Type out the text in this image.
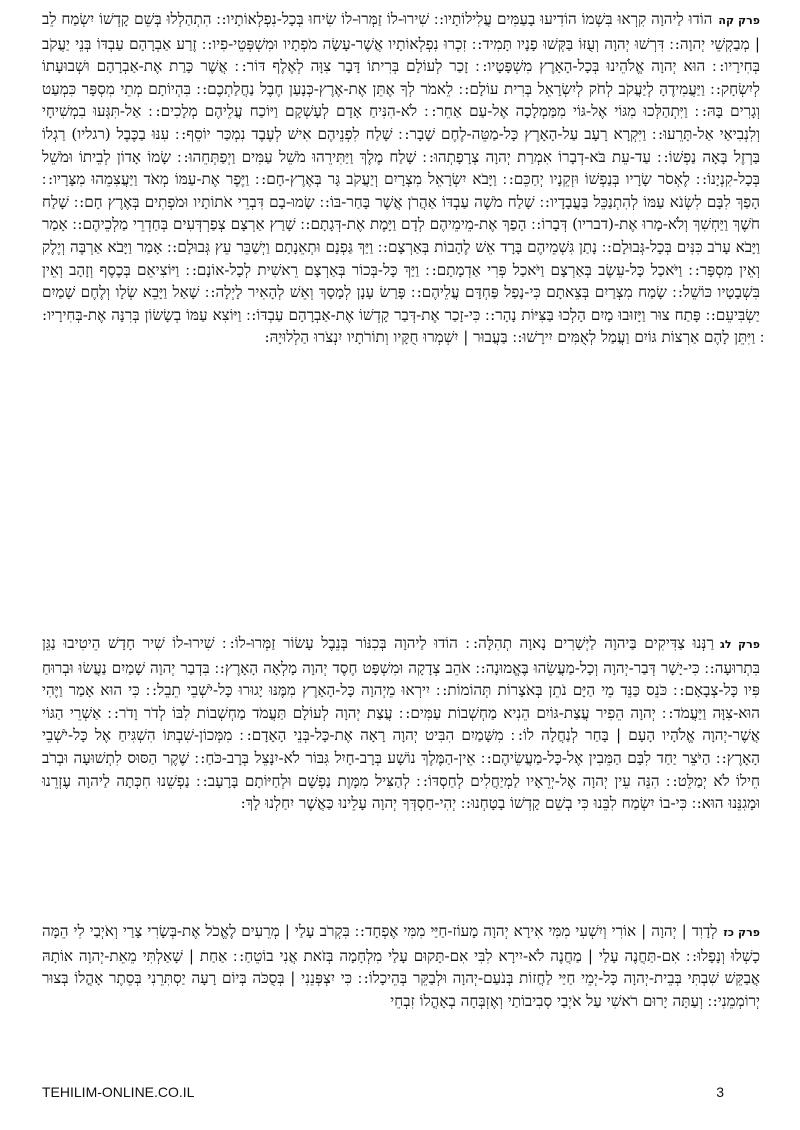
פרק קההוֹדוּ לַיהוָה קִרְאוּ בִּשְׁמוֹ הוֹדִיעוּ בָעַמִּים עֲלִילוֹתָיו: ׃ שִׁירוּ-לוֹ זַמְּרוּ-לוֹ שִׂיחוּ בְּכָל-נִפְלְאוֹתָיו: ׃ הִתְהַלְלוּ בְּשֵׁם קָדְשׁוֹ יִשְׂמַח לֵב | מְבַקְשֵׁי יְהוָה: ׃ דִּרְשׁוּ יְהוָה וְעֻזּוֹ בַּקְּשׁוּ פָנָיו תָּמִיד: ׃ זִכְרוּ נִפְלְאוֹתָיו אֲשֶׁר-עָשָׂה מֹפְתָיו וּמִשְׁפְּטֵי-פִיו: ׃ זֶרַע אַבְרָהָם עַבְדּוֹ בְּנֵי יַעֲקֹב בְּחִירָיו: ׃ הוּא יְהוָה אֱלֹהֵינוּ בְּכָל-הָאָרֶץ מִשְׁפָּטָיו: ׃ זָכַר לְעוֹלָם בְּרִיתוֹ דָּבָר צִוָּה לְאֶלֶף דּוֹר: ׃ אֲשֶׁר כָּרַת אֶת-אַבְרָהָם וּשְׁבוּעָתוֹ לְיִשְׂחָק: ׃ וַיַּעֲמִידֶהָ לְיַעֲקֹב לְחֹק לְיִשְׂרָאֵל בְּרִית עוֹלָם: ׃ לֵאמֹר לְךָ אֶתֵּן אֶת-אֶרֶץ-כְּנָעַן חֶבֶל נַחֲלַתְכֶם: ׃ בִּהְיוֹתָם מְתֵי מִסְפָּר כִּמְעַט וְגָרִים בָּהּ: ׃ וַיִּתְהַלְּכוּ מִגּוֹי אֶל-גּוֹי מִמַּמְלָכָה אֶל-עַם אַחֵר: ׃ לֹא-הִנִּיחַ אָדָם לְעָשְׁקָם וַיּוֹכַח עֲלֵיהֶם מְלָכִים: ׃ אַל-תִּגְּעוּ בִמְשִׁיחָי וְלִנְבִיאַי אַל-תָּרֵעוּ: ׃ וַיִּקְרָא רָעָב עַל-הָאָרֶץ כָּל-מַטֵּה-לֶחֶם שָׁבָר: ׃ שָׁלַח לִפְנֵיהֶם אִישׁ לְעֶבֶד נִמְכַּר יוֹסֵף: ׃ עִנּוּ בַכֶּבֶל (רגליו) רַגְלוֹ בַּרְזֶל בָּאָה נַפְשׁוֹ: ׃ עַד-עֵת בֹּא-דְבָרוֹ אִמְרַת יְהוָה צְרָפָתְהוּ: ׃ שָׁלַח מֶלֶךְ וַיַּתִּירֵהוּ מֹשֵׁל עַמִּים וַיְפַתְּחֵהוּ: ׃ שָׂמוֹ אָדוֹן לְבֵיתוֹ וּמֹשֵׁל בְּכָל-קִנְיָנוֹ: ׃ לֶאְסֹר שָׂרָיו בְּנַפְשׁוֹ וּזְקֵנָיו יְחַכֵּם: ׃ וַיָּבֹא יִשְׂרָאֵל מִצְרָיִם וְיַעֲקֹב גָּר בְּאֶרֶץ-חָם: ׃ וַיֶּפֶר אֶת-עַמּוֹ מְאֹד וַיַּעֲצִמֵהוּ מִצָּרָיו: ׃ הָפַךְ לִבָּם לִשְׂנֹא עַמּוֹ לְהִתְנַכֵּל בַּעֲבָדָיו: ׃ שָׁלַח מֹשֶׁה עַבְדּוֹ אַהֲרֹן אֲשֶׁר בָּחַר-בּוֹ: ׃ שָׂמוּ-בָם דִּבְרֵי אֹתוֹתָיו וּמֹפְתִים בְּאֶרֶץ חָם: ׃ שָׁלַח חֹשֶׁךְ וַיַּחְשִׁךְ וְלֹא-מָרוּ אֶת-(דבריו) דְּבָרוֹ: ׃ הָפַךְ אֶת-מֵימֵיהֶם לְדָם וַיָּמֶת אֶת-דְּגָתָם: ׃ שָׁרַץ אַרְצָם צְפַרְדְּעִים בְּחַדְרֵי מַלְכֵיהֶם: ׃ אָמַר וַיָּבֹא עָרֹב כִּנִּים בְּכָל-גְּבוּלָם: ׃ נָתַן גִּשְׁמֵיהֶם בָּרָד אֵשׁ לֶהָבוֹת בְּאַרְצָם: ׃ וַיַּךְ גַּפְנָם וּתְאֵנָתָם וַיְשַׁבֵּר עֵץ גְּבוּלָם: ׃ אָמַר וַיָּבֹא אַרְבֶּה וְיֶלֶק וְאֵין מִסְפָּר: ׃ וַיֹּאכַל כָּל-עֵשֶׂב בְּאַרְצָם וַיֹּאכַל פְּרִי אַדְמָתָם: ׃ וַיַּךְ כָּל-בְּכוֹר בְּאַרְצָם רֵאשִׁית לְכָל-אוֹנָם: ׃ וַיּוֹצִיאֵם בְּכֶסֶף וְזָהָב וְאֵין בִּשְׁבָטָיו כּוֹשֵׁל: ׃ שָׂמַח מִצְרַיִם בְּצֵאתָם כִּי-נָפַל פַּחְדָּם עֲלֵיהֶם: ׃ פָּרַשׂ עָנָן לְמָסָךְ וְאֵשׁ לְהָאִיר לָיְלָה: ׃ שָׁאַל וַיָּבֵא שְׂלָו וְלֶחֶם שָׁמַיִם יַשְׂבִּיעֵם: ׃ פָּתַח צוּר וַיָּזוּבוּ מָיִם הָלְכוּ בַּצִּיּוֹת נָהָר: ׃ כִּי-זָכַר אֶת-דְּבַר קָדְשׁוֹ אֶת-אַבְרָהָם עַבְדּוֹ: ׃ וַיּוֹצִא עַמּוֹ בְשָׂשׂוֹן בְּרִנָּה אֶת-בְּחִירָיו: ׃ וַיִּתֵּן לָהֶם אַרְצוֹת גּוֹיִם וַעֲמַל לְאֻמִּים יִירָשׁוּ: ׃ בַּעֲבוּר | יִשְׁמְרוּ חֻקָּיו וְתוֹרֹתָיו יִנְצֹרוּ הַלְלוּיָהּ:
פרק לגרַנְּנוּ צַדִּיקִים בַּיהוָה לַיְשָׁרִים נָאוָה תְהִלָּה: ׃ הוֹדוּ לַיהוָה בְּכִנּוֹר בְּנֵבֶל עָשׂוֹר זַמְּרוּ-לוֹ: ׃ שִׁירוּ-לוֹ שִׁיר חָדָשׁ הֵיטִיבוּ נַגֵּן בִּתְרוּעָה: ׃ כִּי-יָשָׁר דְּבַר-יְהוָה וְכָל-מַעֲשֵׂהוּ בֶּאֱמוּנָה: ׃ אֹהֵב צְדָקָה וּמִשְׁפָּט חֶסֶד יְהוָה מָלְאָה הָאָרֶץ: ׃ בִּדְבַר יְהוָה שָׁמַיִם נַעֲשׂוּ וּבְרוּחַ פִּיו כָּל-צְבָאָם: ׃ כֹּנֵס כַּנֵּד מֵי הַיָּם נֹתֵן בְּאֹצָרוֹת תְּהוֹמוֹת: ׃ יִירְאוּ מֵיְהוָה כָּל-הָאָרֶץ מִמֶּנּוּ יָגוּרוּ כָּל-יֹשְׁבֵי תֵבֵל: ׃ כִּי הוּא אָמַר וַיֶּהִי הוּא-צִוָּה וַיַּעֲמֹד: ׃ יְהוָה הֵפִיר עֲצַת-גּוֹיִם הֵנִיא מַחְשְׁבוֹת עַמִּים: ׃ עֲצַת יְהוָה לְעוֹלָם תַּעֲמֹד מַחְשְׁבוֹת לִבּוֹ לְדֹר וָדֹר: ׃ אַשְׁרֵי הַגּוֹי אֲשֶׁר-יְהוָה אֱלֹהָיו הָעָם | בָּחַר לְנַחֲלָה לוֹ: ׃ מִשָּׁמַיִם הִבִּיט יְהוָה רָאָה אֶת-כָּל-בְּנֵי הָאָדָם: ׃ מִמְּכוֹן-שִׁבְתּוֹ הִשְׁגִּיחַ אֶל כָּל-יֹשְׁבֵי הָאָרֶץ: ׃ הַיֹּצֵר יַחַד לִבָּם הַמֵּבִין אֶל-כָּל-מַעֲשֵׂיהֶם: ׃ אֵין-הַמֶּלֶךְ נוֹשָׁע בְּרָב-חָיִל גִּבּוֹר לֹא-יִנָּצֵל בְּרָב-כֹּחַ: ׃ שֶׁקֶר הַסּוּס לִתְשׁוּעָה וּבְרֹב חֵילוֹ לֹא יְמַלֵּט: ׃ הִנֵּה עֵין יְהוָה אֶל-יְרֵאָיו לַמְיַחֲלִים לְחַסְדּוֹ: ׃ לְהַצִּיל מִמָּוֶת נַפְשָׁם וּלְחַיּוֹתָם בָּרָעָב: ׃ נַפְשֵׁנוּ חִכְּתָה לַיהוָה עֶזְרֵנוּ וּמָגִנֵּנוּ הוּא: ׃ כִּי-בוֹ יִשְׂמַח לִבֵּנוּ כִּי בְשֵׁם קָדְשׁוֹ בָטָחְנוּ: ׃ יְהִי-חַסְדְּךָ יְהוָה עָלֵינוּ כַּאֲשֶׁר יִחַלְנוּ לָךְ:
פרק כזלְדָוִד | יְהוָה | אוֹרִי וְיִשְׁעִי מִמִּי אִירָא יְהוָה מָעוֹז-חַיַּי מִמִּי אֶפְחָד: ׃ בִּקְרֹב עָלַי | מְרֵעִים לֶאֱכֹל אֶת-בְּשָׂרִי צָרַי וְאֹיְבַי לִי הֵמָּה כָשְׁלוּ וְנָפָלוּ: ׃ אִם-תַּחֲנֶה עָלַי | מַחֲנֶה לֹא-יִירָא לִבִּי אִם-תָּקוּם עָלַי מִלְחָמָה בְּזֹאת אֲנִי בוֹטֵחַ: ׃ אַחַת | שָׁאַלְתִּי מֵאֵת-יְהוָה אוֹתָהּ אֲבַקֵּשׁ שִׁבְתִּי בְּבֵית-יְהוָה כָּל-יְמֵי חַיַּי לַחֲזוֹת בְּנֹעַם-יְהוָה וּלְבַקֵּר בְּהֵיכָלוֹ: ׃ כִּי יִצְפְּנֵנִי | בְּסֻכֹּה בְּיוֹם רָעָה יַסְתִּרֵנִי בְּסֵתֶר אָהֳלוֹ בְּצוּר יְרוֹמְמֵנִי: ׃ וְעַתָּה יָרוּם רֹאשִׁי עַל אֹיְבַי סְבִיבוֹתַי וְאֶזְבְּחָה בְאָהֳלוֹ זִבְחֵי
TEHILIM-ONLINE.CO.IL	3
